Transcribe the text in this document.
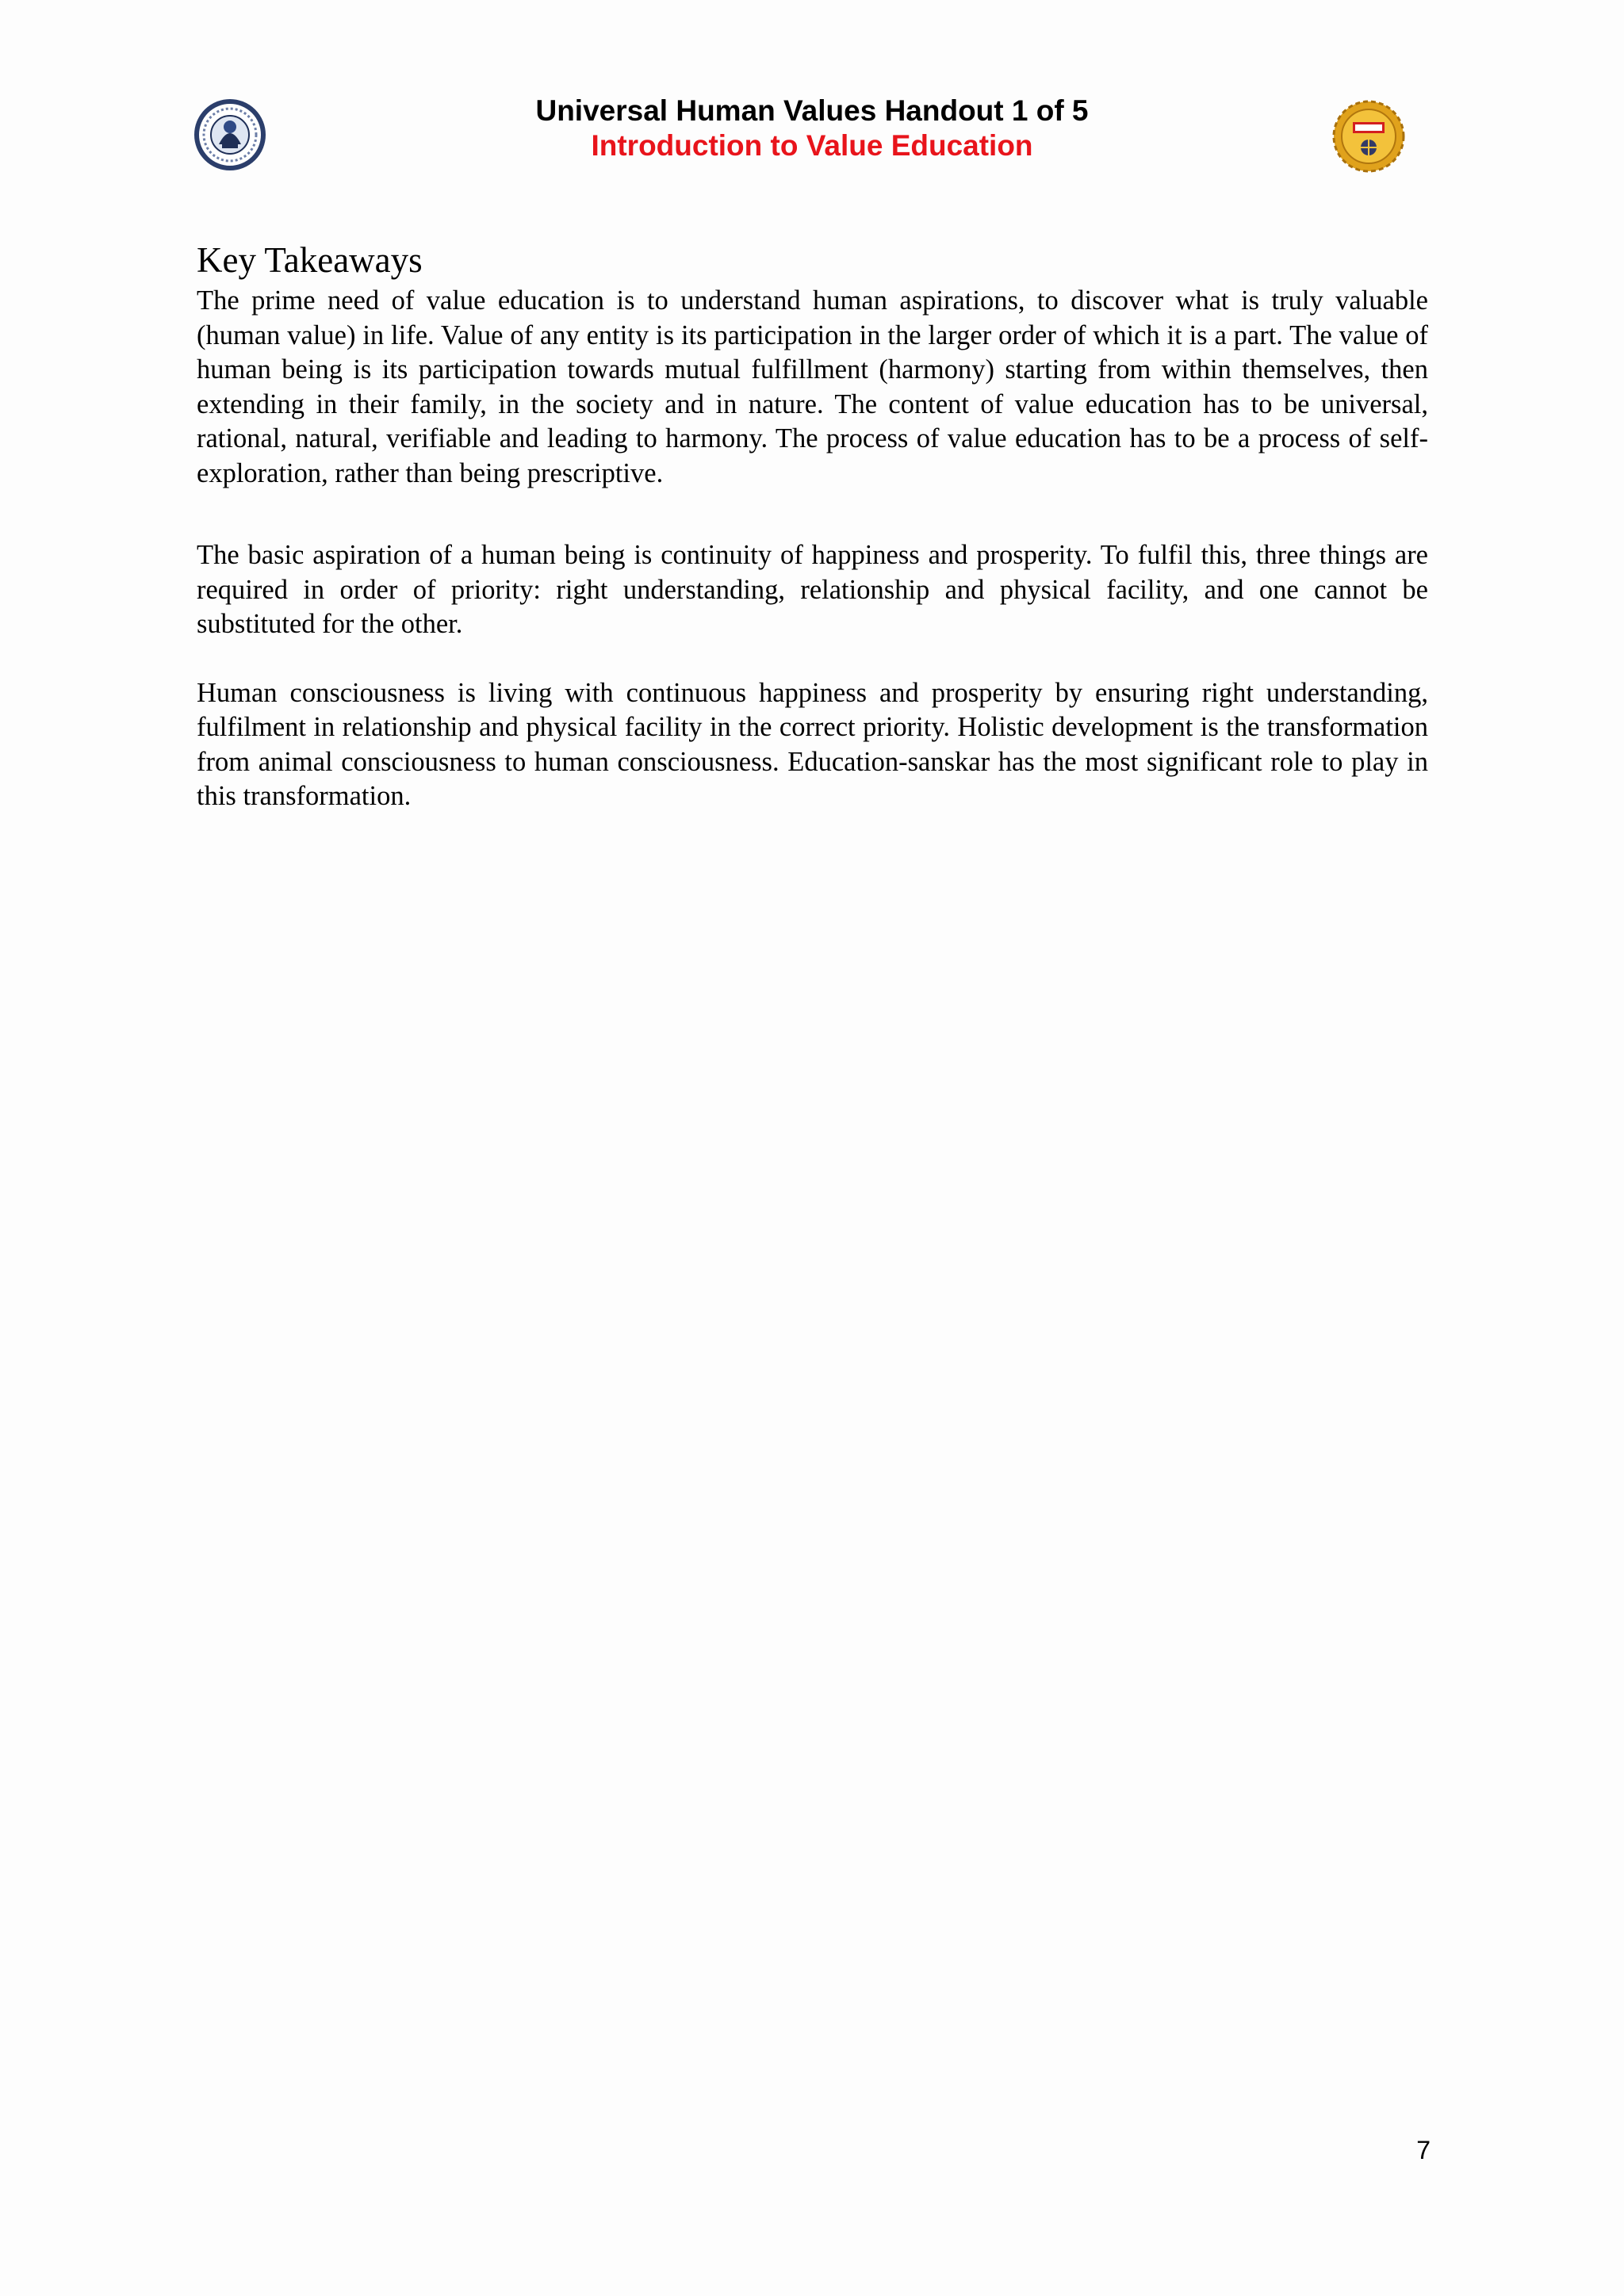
Universal Human Values Handout 1 of 5
Introduction to Value Education
Key Takeaways

The prime need of value education is to understand human aspirations, to discover what is truly valuable (human value) in life. Value of any entity is its participation in the larger order of which it is a part. The value of human being is its participation towards mutual fulfillment (harmony) starting from within themselves, then extending in their family, in the society and in nature. The content of value education has to be universal, rational, natural, verifiable and leading to harmony. The process of value education has to be a process of self-exploration, rather than being prescriptive.

The basic aspiration of a human being is continuity of happiness and prosperity. To fulfil this, three things are required in order of priority: right understanding, relationship and physical facility, and one cannot be substituted for the other.

Human consciousness is living with continuous happiness and prosperity by ensuring right understanding, fulfilment in relationship and physical facility in the correct priority. Holistic development is the transformation from animal consciousness to human consciousness. Education-sanskar has the most significant role to play in this transformation.

7
